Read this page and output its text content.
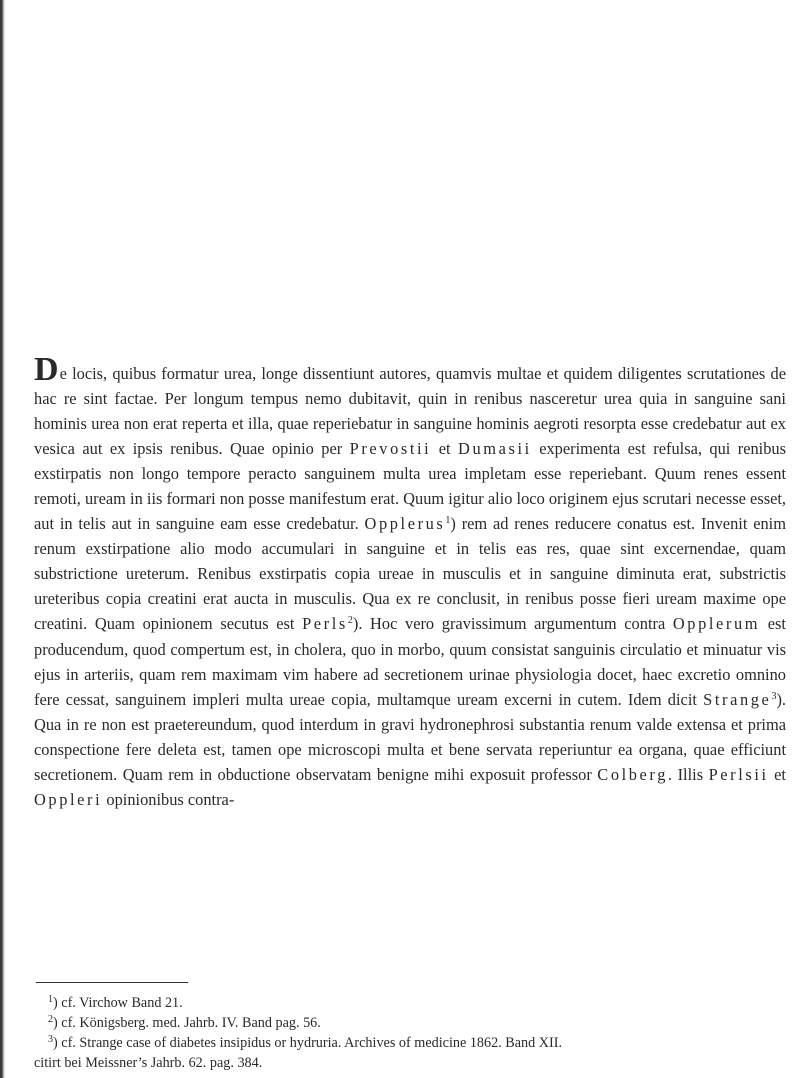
De locis, quibus formatur urea, longe dissentiunt autores, quamvis multae et quidem diligentes scrutationes de hac re sint factae. Per longum tempus nemo dubitavit, quin in renibus nasceretur urea quia in sanguine sani hominis urea non erat reperta et illa, quae reperiebatur in sanguine hominis aegroti resorpta esse credebatur aut ex vesica aut ex ipsis renibus. Quae opinio per Prevostii et Dumasii experimenta est refulsa, qui renibus exstirpatis non longo tempore peracto sanguinem multa urea impletam esse reperiebant. Quum renes essent remoti, uream in iis formari non posse manifestum erat. Quum igitur alio loco originem ejus scrutari necesse esset, aut in telis aut in sanguine eam esse credebatur. Opplerus$^1$) rem ad renes reducere conatus est. Invenit enim renum exstirpatione alio modo accumulari in sanguine et in telis eas res, quae sint excernendae, quam substrictione ureterum. Renibus exstirpatis copia ureae in musculis et in sanguine diminuta erat, substrictis ureteribus copia creatini erat aucta in musculis. Qua ex re conclusit, in renibus posse fieri uream maxime ope creatini. Quam opinionem secutus est Perls$^2$). Hoc vero gravissimum argumentum contra Opplerum est producendum, quod compertum est, in cholera, quo in morbo, quum consistat sanguinis circulatio et minuatur vis ejus in arteriis, quam rem maximam vim habere ad secretionem urinae physiologia docet, haec excretio omnino fere cessat, sanguinem impleri multa ureae copia, multamque uream excerni in cutem. Idem dicit Strange$^3$). Qua in re non est praetereundum, quod interdum in gravi hydronephrosi substantia renum valde extensa et prima conspectione fere deleta est, tamen ope microscopi multa et bene servata reperiuntur ea organa, quae efficiunt secretionem. Quam rem in obductione observatam benigne mihi exposuit professor Colberg. Illis Perlsii et Oppleri opinionibus contra-

$^1$) cf. Virchow Band 21.

$^2$) cf. Königsberg. med. Jahrb. IV. Band pag. 56.

$^3$) cf. Strange case of diabetes insipidus or hydruria. Archives of medicine 1862. Band XII.

citirt bei Meissner’s Jahrb. 62. pag. 384.
